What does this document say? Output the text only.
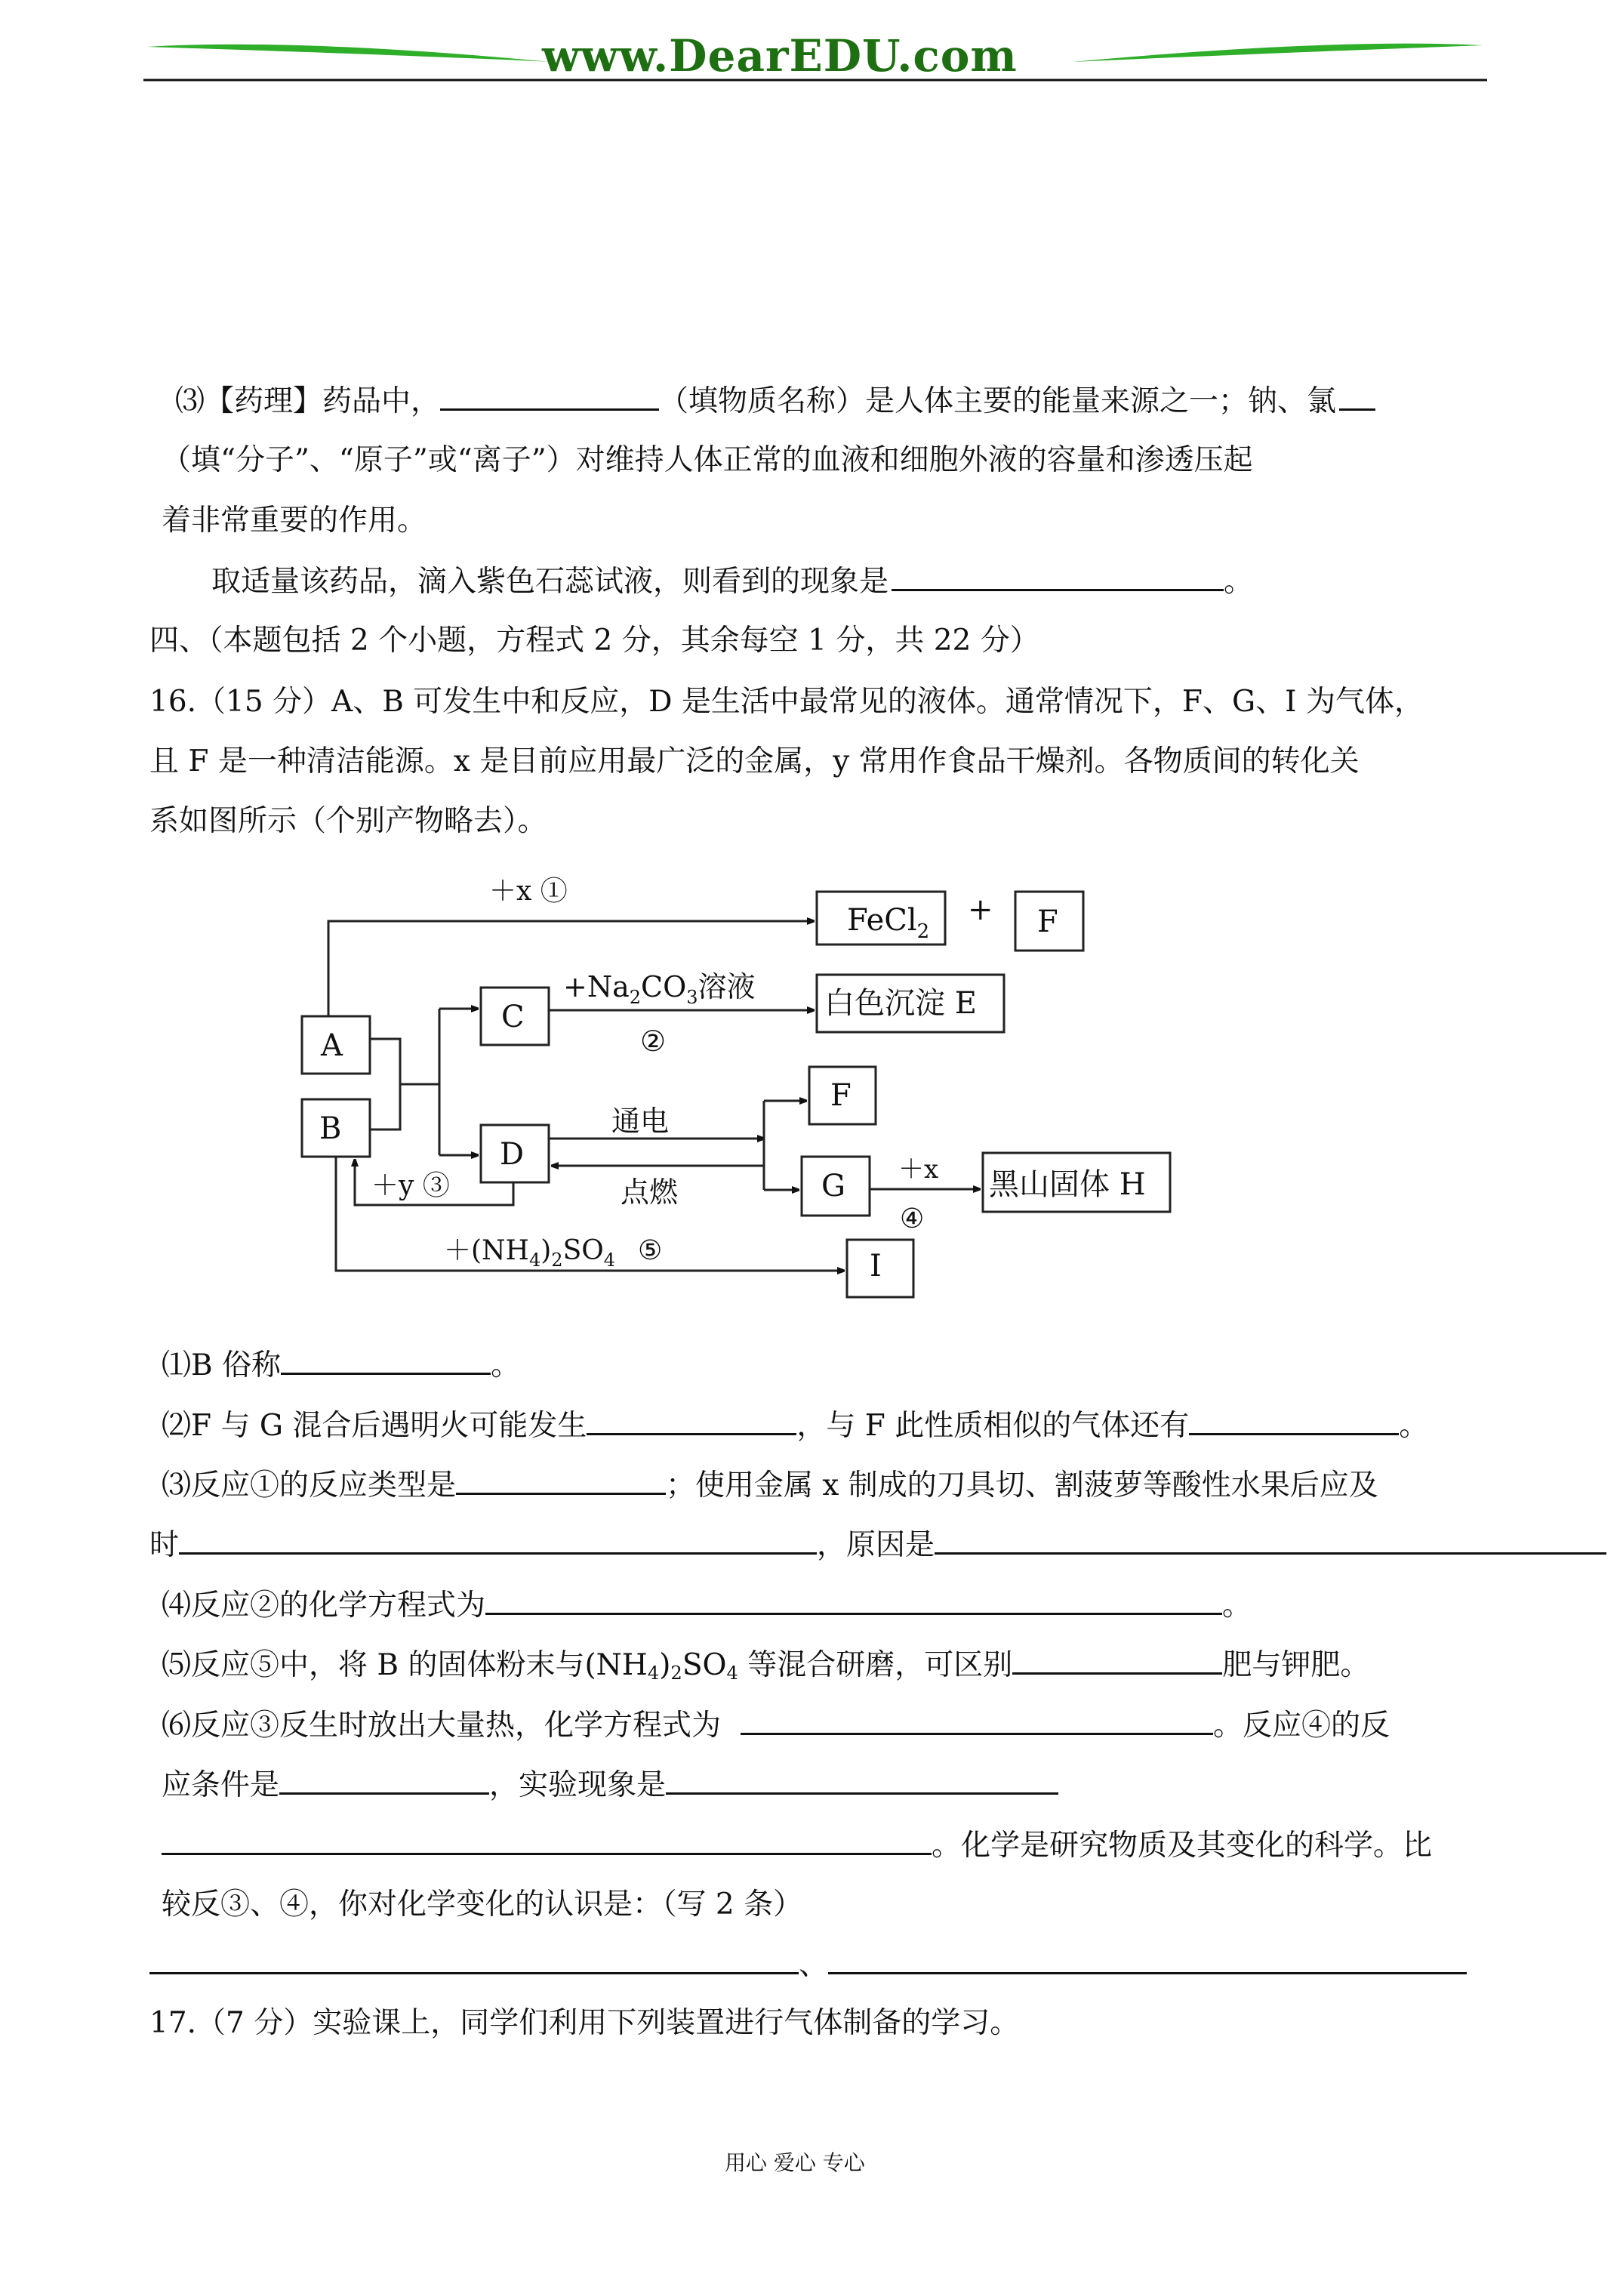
www.DearEDU.com
⑶【药理】药品中，	（填物质名称）是人体主要的能量来源之一；钠、氯
（填“分子”、“原子”或“离子”）对维持人体正常的血液和细胞外液的容量和渗透压起
着非常重要的作用。
取适量该药品，滴入紫色石蕊试液，则看到的现象是	。
四、（本题包括 2 个小题，方程式 2 分，其余每空 1 分，共 22 分）
16.（15 分）A、B 可发生中和反应，D 是生活中最常见的液体。通常情况下，F、G、I 为气体，
且 F 是一种清洁能源。x 是目前应用最广泛的金属，y 常用作食品干燥剂。各物质间的转化关
系如图所示（个别产物略去）。
A
B
C
D
F
F
G
I
FeCl$_2$
+
白色沉淀 E
黑山固体 H
＋x ①
$+Na_2CO_3$溶液
②
通电
点燃
＋y ③
＋x
④
$+(NH_4)_2SO_4$ ⑤
⑴B 俗称	。
⑵F 与 G 混合后遇明火可能发生	，与 F 此性质相似的气体还有	。
⑶反应①的反应类型是	；使用金属 x 制成的刀具切、割菠萝等酸性水果后应及
时	，原因是
⑷反应②的化学方程式为	。
⑸反应⑤中，将 B 的固体粉末与$(NH_4)_2SO_4$ 等混合研磨，可区别	肥与钾肥。
⑹反应③反生时放出大量热，化学方程式为	。反应④的反
应条件是	，实验现象是
。化学是研究物质及其变化的科学。比
较反③、④，你对化学变化的认识是：（写 2 条）
、
17.（7 分）实验课上，同学们利用下列装置进行气体制备的学习。
用心 爱心 专心
